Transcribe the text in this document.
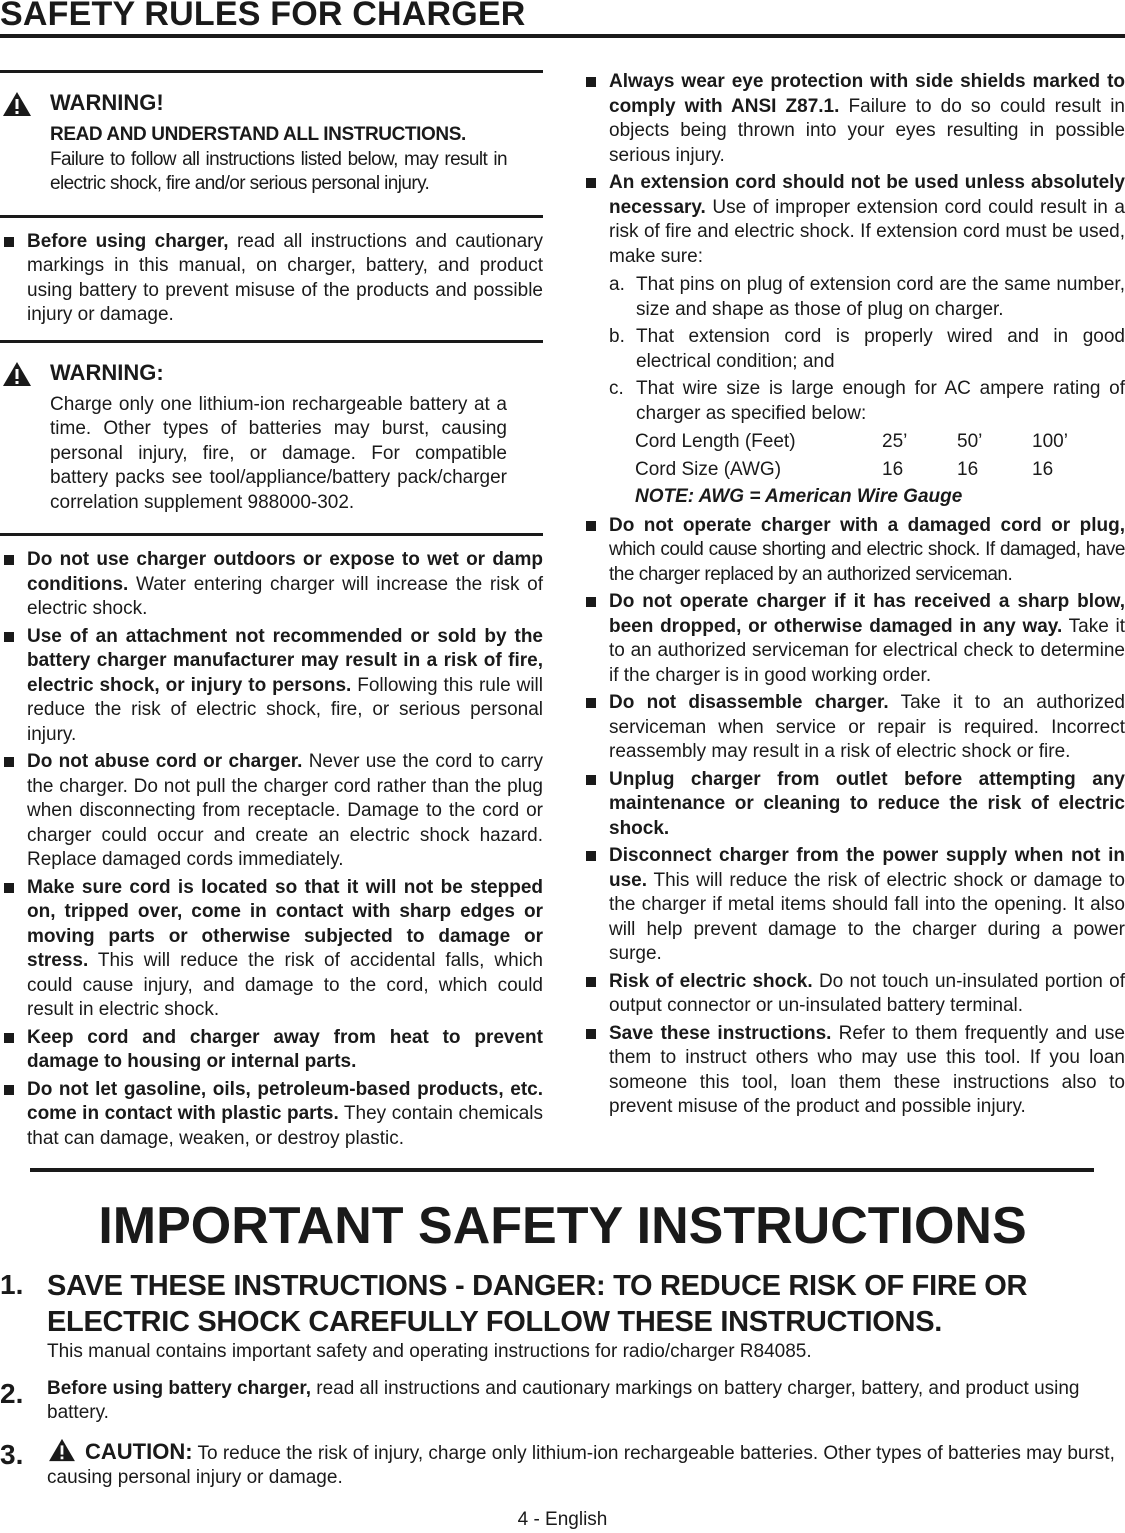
SAFETY RULES FOR CHARGER

WARNING!

READ AND UNDERSTAND ALL INSTRUCTIONS.

Failure to follow all instructions listed below, may result in electric shock, fire and/or serious personal injury.

Before using charger, read all instructions and cautionary markings in this manual, on charger, battery, and product using battery to prevent misuse of the products and possible injury or damage.

WARNING:

Charge only one lithium-ion rechargeable battery at a time. Other types of batteries may burst, causing personal injury, fire, or damage. For compatible battery packs see tool/appliance/battery pack/charger correlation supplement 988000-302.

Do not use charger outdoors or expose to wet or damp conditions. Water entering charger will increase the risk of electric shock.
Use of an attachment not recommended or sold by the battery charger manufacturer may result in a risk of fire, electric shock, or injury to persons. Following this rule will reduce the risk of electric shock, fire, or serious personal injury.
Do not abuse cord or charger. Never use the cord to carry the charger. Do not pull the charger cord rather than the plug when disconnecting from receptacle. Damage to the cord or charger could occur and create an electric shock hazard. Replace damaged cords immediately.
Make sure cord is located so that it will not be stepped on, tripped over, come in contact with sharp edges or moving parts or otherwise subjected to damage or stress. This will reduce the risk of accidental falls, which could cause injury, and damage to the cord, which could result in electric shock.
Keep cord and charger away from heat to prevent damage to housing or internal parts.
Do not let gasoline, oils, petroleum-based products, etc. come in contact with plastic parts. They contain chemicals that can damage, weaken, or destroy plastic.
Always wear eye protection with side shields marked to comply with ANSI Z87.1. Failure to do so could result in objects being thrown into your eyes resulting in possible serious injury.
An extension cord should not be used unless absolutely necessary. Use of improper extension cord could result in a risk of fire and electric shock. If extension cord must be used, make sure:
a. That pins on plug of extension cord are the same number, size and shape as those of plug on charger.
b. That extension cord is properly wired and in good electrical condition; and
c. That wire size is large enough for AC ampere rating of charger as specified below:
Cord Length (Feet)	25’	50’	100’
Cord Size (AWG)	16	16	16

NOTE: AWG = American Wire Gauge

Do not operate charger with a damaged cord or plug, which could cause shorting and electric shock. If damaged, have the charger replaced by an authorized serviceman.
Do not operate charger if it has received a sharp blow, been dropped, or otherwise damaged in any way. Take it to an authorized serviceman for electrical check to determine if the charger is in good working order.
Do not disassemble charger. Take it to an authorized serviceman when service or repair is required. Incorrect reassembly may result in a risk of electric shock or fire.
Unplug charger from outlet before attempting any maintenance or cleaning to reduce the risk of electric shock.
Disconnect charger from the power supply when not in use. This will reduce the risk of electric shock or damage to the charger if metal items should fall into the opening. It also will help prevent damage to the charger during a power surge.
Risk of electric shock. Do not touch un-insulated portion of output connector or un-insulated battery terminal.
Save these instructions. Refer to them frequently and use them to instruct others who may use this tool. If you loan someone this tool, loan them these instructions also to prevent misuse of the product and possible injury.
IMPORTANT SAFETY INSTRUCTIONS
1. SAVE THESE INSTRUCTIONS - DANGER: TO REDUCE RISK OF FIRE OR ELECTRIC SHOCK CAREFULLY FOLLOW THESE INSTRUCTIONS.

This manual contains important safety and operating instructions for radio/charger R84085.

2. Before using battery charger, read all instructions and cautionary markings on battery charger, battery, and product using battery.

3.	CAUTION: To reduce the risk of injury, charge only lithium-ion rechargeable batteries. Other types of batteries may burst, causing personal injury or damage.

4 - English
